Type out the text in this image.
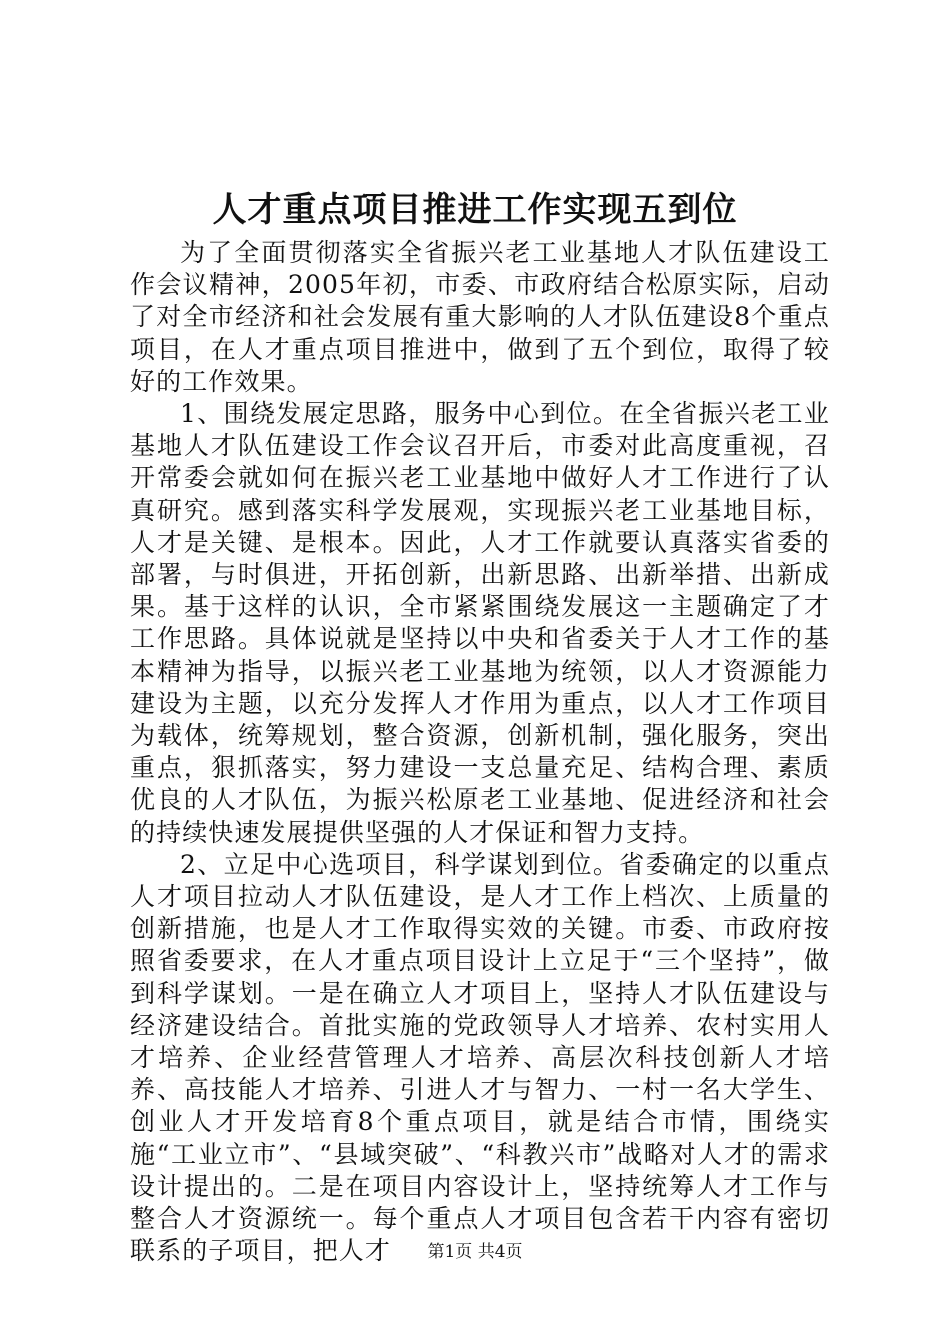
人才重点项目推进工作实现五到位

为了全面贯彻落实全省振兴老工业基地人才队伍建设工作会议精神，2005年初，市委、市政府结合松原实际，启动了对全市经济和社会发展有重大影响的人才队伍建设8个重点项目，在人才重点项目推进中，做到了五个到位，取得了较好的工作效果。

1、围绕发展定思路，服务中心到位。在全省振兴老工业基地人才队伍建设工作会议召开后，市委对此高度重视，召开常委会就如何在振兴老工业基地中做好人才工作进行了认真研究。感到落实科学发展观，实现振兴老工业基地目标，人才是关键、是根本。因此，人才工作就要认真落实省委的部署，与时俱进，开拓创新，出新思路、出新举措、出新成果。基于这样的认识，全市紧紧围绕发展这一主题确定了才工作思路。具体说就是坚持以中央和省委关于人才工作的基本精神为指导，以振兴老工业基地为统领，以人才资源能力建设为主题，以充分发挥人才作用为重点，以人才工作项目为载体，统筹规划，整合资源，创新机制，强化服务，突出重点，狠抓落实，努力建设一支总量充足、结构合理、素质优良的人才队伍，为振兴松原老工业基地、促进经济和社会的持续快速发展提供坚强的人才保证和智力支持。

2、立足中心选项目，科学谋划到位。省委确定的以重点人才项目拉动人才队伍建设，是人才工作上档次、上质量的创新措施，也是人才工作取得实效的关键。市委、市政府按照省委要求，在人才重点项目设计上立足于“三个坚持”，做到科学谋划。一是在确立人才项目上，坚持人才队伍建设与经济建设结合。首批实施的党政领导人才培养、农村实用人才培养、企业经营管理人才培养、高层次科技创新人才培养、高技能人才培养、引进人才与智力、一村一名大学生、创业人才开发培育8个重点项目，就是结合市情，围绕实施“工业立市”、“县域突破”、“科教兴市”战略对人才的需求设计提出的。二是在项目内容设计上，坚持统筹人才工作与整合人才资源统一。每个重点人才项目包含若干内容有密切联系的子项目，把人才	第1页 共4页
